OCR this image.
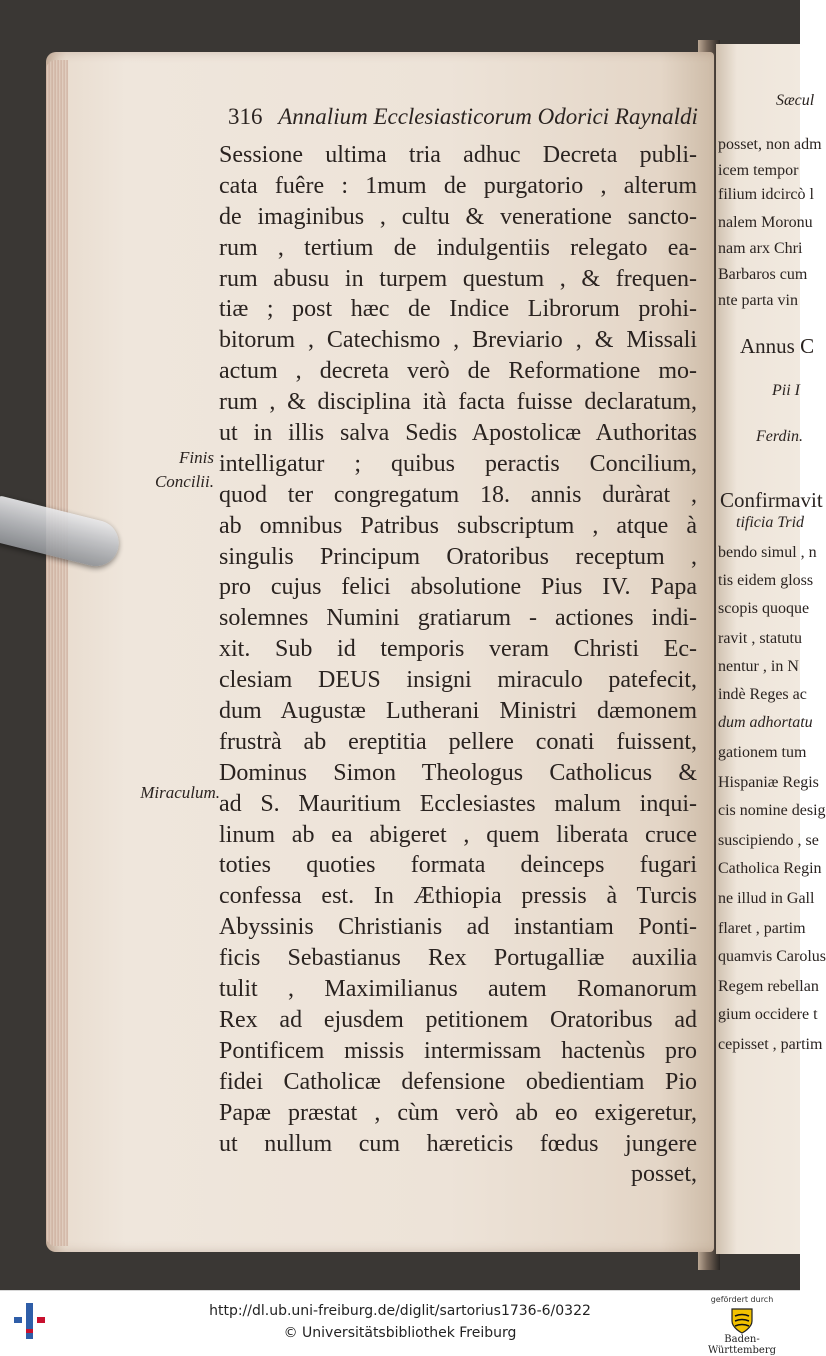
316 Annalium Ecclesiasticorum Odorici Raynaldi
Sessione ultima tria adhuc Decreta publi-
cata fuêre : 1mum de purgatorio , alterum
de imaginibus , cultu & veneratione sancto-
rum , tertium de indulgentiis relegato ea-
rum abusu in turpem questum , & frequen-
tiæ ; post hæc de Indice Librorum prohi-
bitorum , Catechismo , Breviario , & Missali
actum , decreta verò de Reformatione mo-
rum , & disciplina ità facta fuisse declaratum,
ut in illis salva Sedis Apostolicæ Authoritas
intelligatur ; quibus peractis Concilium,
quod ter congregatum 18. annis duràrat ,
ab omnibus Patribus subscriptum , atque à
singulis Principum Oratoribus receptum ,
pro cujus felici absolutione Pius IV. Papa
solemnes Numini gratiarum - actiones indi-
xit. Sub id temporis veram Christi Ec-
clesiam DEUS insigni miraculo patefecit,
dum Augustæ Lutherani Ministri dæmonem
frustrà ab ereptitia pellere conati fuissent,
Dominus Simon Theologus Catholicus &
ad S. Mauritium Ecclesiastes malum inqui-
linum ab ea abigeret , quem liberata cruce
toties quoties formata deinceps fugari
confessa est. In Æthiopia pressis à Turcis
Abyssinis Christianis ad instantiam Ponti-
ficis Sebastianus Rex Portugalliæ auxilia
tulit , Maximilianus autem Romanorum
Rex ad ejusdem petitionem Oratoribus ad
Pontificem missis intermissam hactenùs pro
fidei Catholicæ defensione obedientiam Pio
Papæ præstat , cùm verò ab eo exigeretur,
ut nullum cum hæreticis fœdus jungere
posset,
Finis
Concilii.
Miraculum.
Sæcul
posset, non adm
icem tempor
filium idcircò l
nalem Moronu
nam arx Chri
Barbaros cum
nte parta vin
Annus C
Pii I
Ferdin.
Confirmavit
tificia Trid
bendo simul , n
tis eidem gloss
scopis quoque
ravit , statutu
nentur , in N
indè Reges ac
dum adhortatu
gationem tum
Hispaniæ Regis
cis nomine desig
suscipiendo , se
Catholica Regin
ne illud in Gall
flaret , partim
quamvis Carolus
Regem rebellan
gium occidere t
cepisset , partim
http://dl.ub.uni-freiburg.de/diglit/sartorius1736-6/0322
© Universitätsbibliothek Freiburg
gefördert durch
Baden-Württemberg
